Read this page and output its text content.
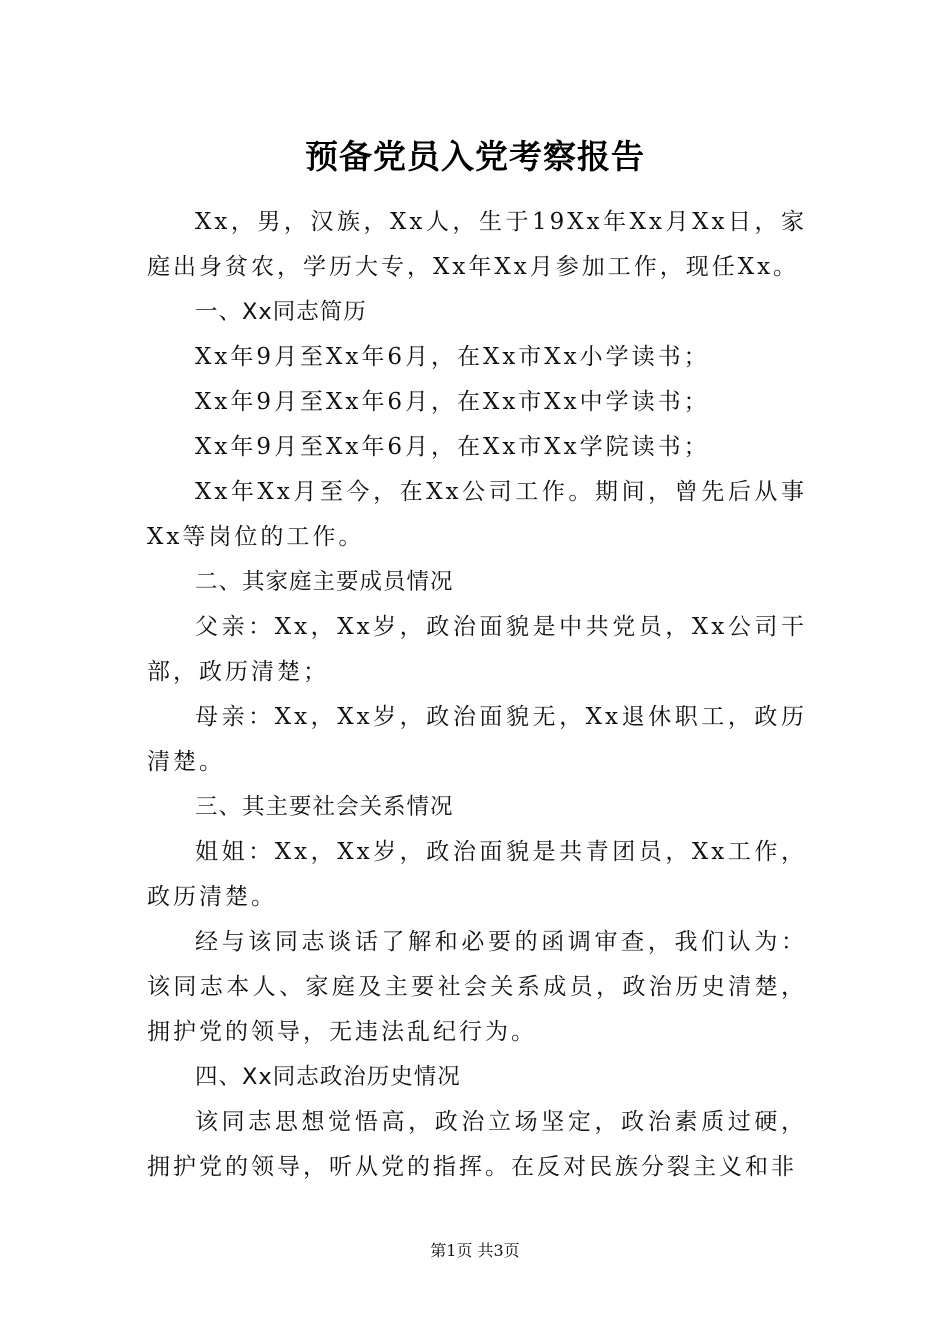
预备党员入党考察报告

Xx，男，汉族，Xx人，生于19Xx年Xx月Xx日，家庭出身贫农，学历大专，Xx年Xx月参加工作，现任Xx。

一、Xx同志简历

Xx年9月至Xx年6月，在Xx市Xx小学读书；

Xx年9月至Xx年6月，在Xx市Xx中学读书；

Xx年9月至Xx年6月，在Xx市Xx学院读书；

Xx年Xx月至今，在Xx公司工作。期间，曾先后从事Xx等岗位的工作。

二、其家庭主要成员情况

父亲：Xx，Xx岁，政治面貌是中共党员，Xx公司干部，政历清楚；

母亲：Xx，Xx岁，政治面貌无，Xx退休职工，政历清楚。

三、其主要社会关系情况

姐姐：Xx，Xx岁，政治面貌是共青团员，Xx工作，政历清楚。

经与该同志谈话了解和必要的函调审查，我们认为：该同志本人、家庭及主要社会关系成员，政治历史清楚，拥护党的领导，无违法乱纪行为。

四、Xx同志政治历史情况

该同志思想觉悟高，政治立场坚定，政治素质过硬，拥护党的领导，听从党的指挥。在反对民族分裂主义和非

第1页 共3页
